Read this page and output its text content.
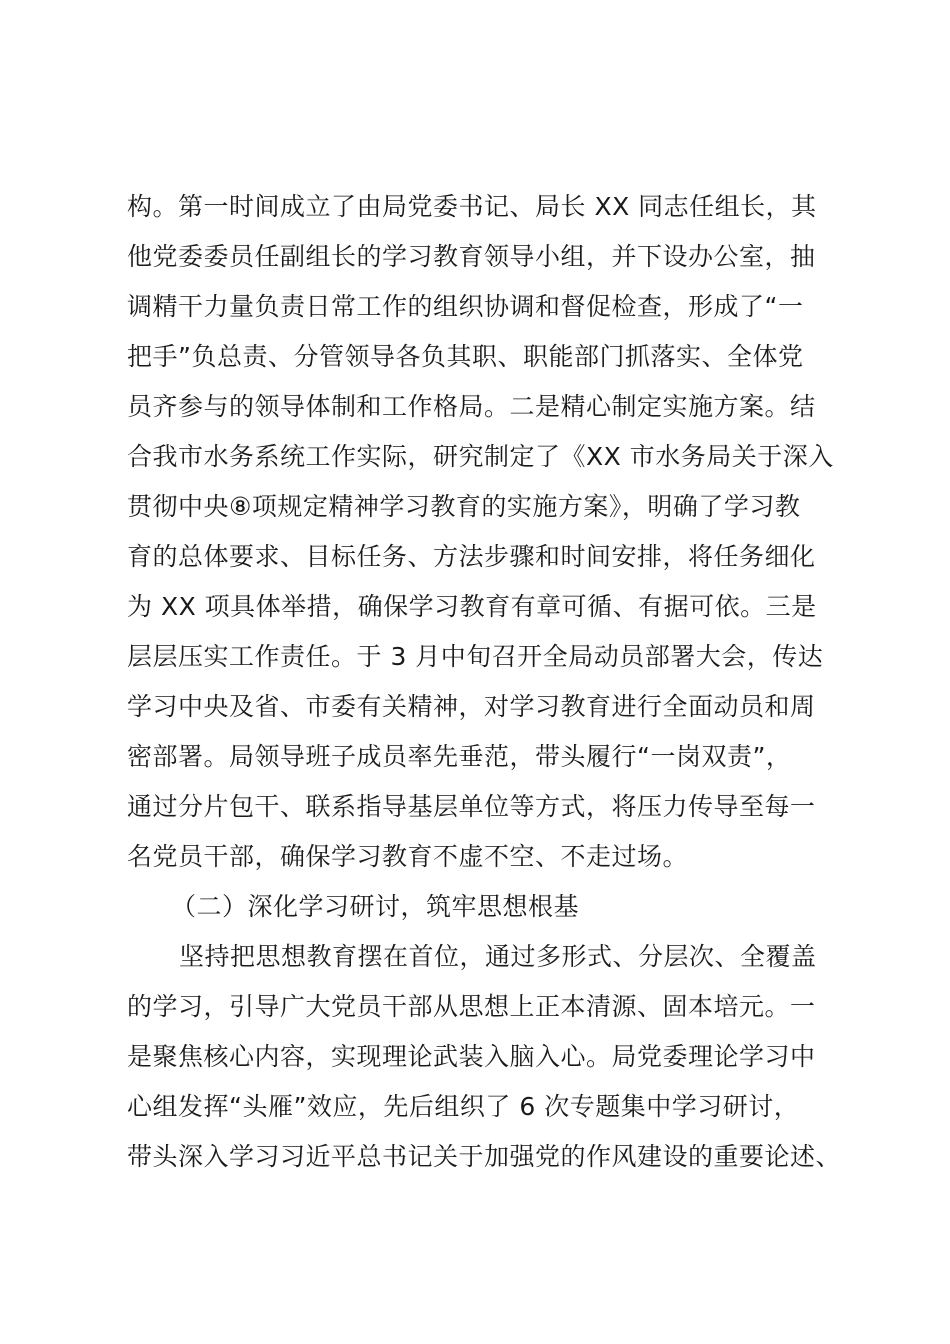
构。第一时间成立了由局党委书记、局长 XX 同志任组长，其
他党委委员任副组长的学习教育领导小组，并下设办公室，抽
调精干力量负责日常工作的组织协调和督促检查，形成了“一
把手”负总责、分管领导各负其职、职能部门抓落实、全体党
员齐参与的领导体制和工作格局。二是精心制定实施方案。结
合我市水务系统工作实际，研究制定了《XX 市水务局关于深入
贯彻中央⑧项规定精神学习教育的实施方案》，明确了学习教
育的总体要求、目标任务、方法步骤和时间安排，将任务细化
为 XX 项具体举措，确保学习教育有章可循、有据可依。三是
层层压实工作责任。于 3 月中旬召开全局动员部署大会，传达
学习中央及省、市委有关精神，对学习教育进行全面动员和周
密部署。局领导班子成员率先垂范，带头履行“一岗双责”，
通过分片包干、联系指导基层单位等方式，将压力传导至每一
名党员干部，确保学习教育不虚不空、不走过场。
（二）深化学习研讨，筑牢思想根基
坚持把思想教育摆在首位，通过多形式、分层次、全覆盖
的学习，引导广大党员干部从思想上正本清源、固本培元。一
是聚焦核心内容，实现理论武装入脑入心。局党委理论学习中
心组发挥“头雁”效应，先后组织了 6 次专题集中学习研讨，
带头深入学习习近平总书记关于加强党的作风建设的重要论述、
